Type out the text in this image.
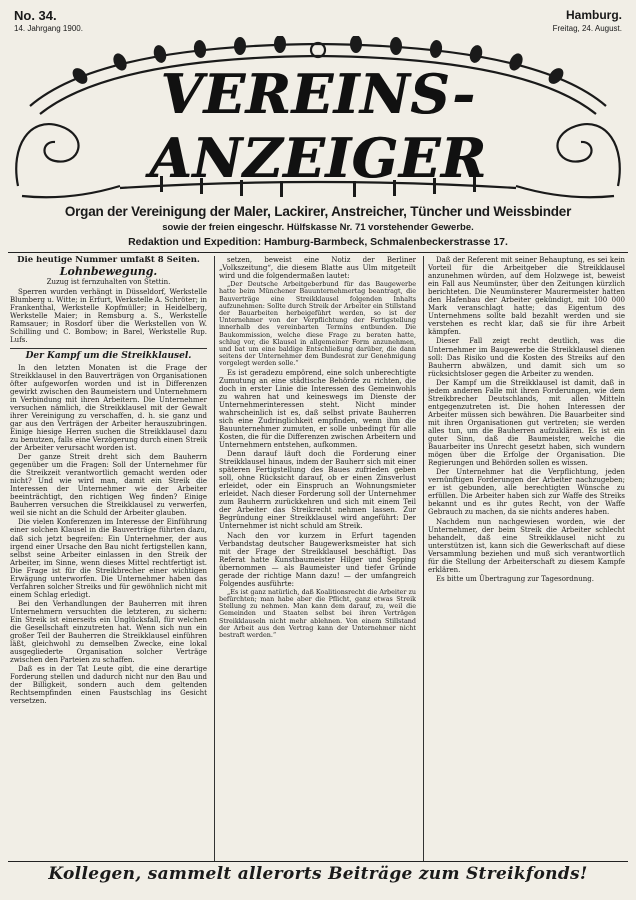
No. 34.
14. Jahrgang 1900.
Hamburg.
Freitag, 24. August.
VEREINS-ANZEIGER
Organ der Vereinigung der Maler, Lackirer, Anstreicher, Tüncher und Weissbinder
sowie der freien eingeschr. Hülfskasse Nr. 71 vorstehender Gewerbe.
Redaktion und Expedition: Hamburg-Barmbeck, Schmalenbeckerstrasse 17.
Die heutige Nummer umfaßt 8 Seiten.
Lohnbewegung.
Zuzug ist fernzuhalten von Stettin.

Sperren wurden verhängt in Düsseldorf, Werkstelle Blumberg u. Witte; in Erfurt, Werkstelle A. Schröter; in Frankenthal, Werkstelle Kopfmüller; in Heidelberg, Werkstelle Maier; in Remsburg a. S., Werkstelle Ramsauer; in Rosdorf über die Werkstellen von W. Schilling und C. Bombow; in Barel, Werkstelle Rup. Lufs.

Der Kampf um die Streikklausel.

In den letzten Monaten ist die Frage der Streikklausel in den Bauverträgen von Organisationen öfter aufgeworfen worden und ist in Differenzen gewirkt zwischen den Baumeistern und Unternehmern in Verbindung mit ihren Arbeitern. Die Unternehmer versuchen nämlich, die Streikklausel mit der Gewalt ihrer Vereinigung zu verschaffen, d. h. sie ganz und gar aus den Verträgen der Arbeiter herauszubringen. Einige hiesige Herren suchen die Streikklausel dazu zu benutzen, falls eine Verzögerung durch einen Streik der Arbeiter verursacht worden ist.

Der ganze Streit dreht sich dem Bauherrn gegenüber um die Fragen: Soll der Unternehmer für die Streikzeit verantwortlich gemacht werden oder nicht? Und wie wird man, damit ein Streik die Interessen der Unternehmer wie der Arbeiter beeinträchtigt, den richtigen Weg finden? Einige Bauherren versuchen die Streikklausel zu verwerfen, weil sie nicht an die Schuld der Arbeiter glauben.

Die vielen Konferenzen im Interesse der Einführung einer solchen Klausel in die Bauverträge führten dazu, daß sich jetzt begreifen: Ein Unternehmer, der aus irgend einer Ursache den Bau nicht fertigstellen kann, selbst seine Arbeiter einlassen in den Streik der Arbeiter, im Sinne, wenn dieses Mittel rechtfertigt ist. Die Frage ist für die Streikbrecher einer wichtigen Erwägung unterworfen. Die Unternehmer haben das Verfahren solcher Streiks und für gewöhnlich nicht mit einem Schlag erledigt.

Bei den Verhandlungen der Bauherren mit ihren Unternehmern versuchten die letzteren, zu sichern: Ein Streik ist einerseits ein Unglücksfall, für welchen die Gesellschaft einzutreten hat. Wenn sich nun ein großer Teil der Bauherren die Streikklausel einführen läßt, gleichwohl zu demselben Zwecke, eine lokal ausgegliederte Organisation solcher Verträge zwischen den Parteien zu schaffen.

Daß es in der Tat Leute gibt, die eine derartige Forderung stellen und dadurch nicht nur den Bau und der Billigkeit, sondern auch dem geltenden Rechtsempfinden einen Faustschlag ins Gesicht versetzen.

setzen, beweist eine Notiz der Berliner „Volkszeitung“, die diesem Blatte aus Ulm mitgeteilt wird und die folgendermaßen lautet:

„Der Deutsche Arbeitgeberbund für das Baugewerbe hatte beim Münchener Bauunternehmertag beantragt, die Bauverträge eine Streikklausel folgenden Inhalts aufzunehmen: Sollte durch Streik der Arbeiter ein Stillstand der Bauarbeiten herbeigeführt werden, so ist der Unternehmer von der Verpflichtung der Fertigstellung innerhalb des vereinbarten Termins entbunden. Die Baukommission, welche diese Frage zu beraten hatte, schlug vor, die Klausel in allgemeiner Form anzunehmen, und bat um eine baldige Entschließung darüber, die dann seitens der Unternehmer dem Bundesrat zur Genehmigung vorgelegt werden solle.“

Es ist geradezu empörend, eine solch unberechtigte Zumutung an eine städtische Behörde zu richten, die doch in erster Linie die Interessen des Gemeinwohls zu wahren hat und keineswegs im Dienste der Unternehmerinteressen steht. Nicht minder wahrscheinlich ist es, daß selbst private Bauherren sich eine Zudringlichkeit empfinden, wenn ihm die Bauunternehmer zumuten, er solle unbedingt für alle Kosten, die für die Differenzen zwischen Arbeitern und Unternehmern entstehen, aufkommen.

Denn darauf läuft doch die Forderung einer Streikklausel hinaus, indem der Bauherr sich mit einer späteren Fertigstellung des Baues zufrieden geben soll, ohne Rücksicht darauf, ob er einen Zinsverlust erleidet, oder ein Einspruch an Wohnungsmieter erleidet. Nach dieser Forderung soll der Unternehmer zum Bauherrn zurückkehren und sich mit einem Teil der Arbeiter das Streikrecht nehmen lassen. Zur Begründung einer Streikklausel wird angeführt: Der Unternehmer ist nicht schuld am Streik.

Nach den vor kurzem in Erfurt tagenden Verbandstag deutscher Baugewerksmeister hat sich mit der Frage der Streikklausel beschäftigt. Das Referat hatte Kunstbaumeister Hilger und Sepping übernommen — als Baumeister und tiefer Gründe gerade der richtige Mann dazu! — der umfangreich Folgendes ausführte:

„Es ist ganz natürlich, daß Koalitionsrecht die Arbeiter zu befürchten; man habe aber die Pflicht, ganz etwas Streik Stellung zu nehmen. Man kann dem darauf, zu, weil die Gemeinden und Staaten selbst bei ihren Verträgen Streikklauseln nicht mehr ablehnen. Von einem Stillstand der Arbeit aus den Vertrag kann der Unternehmer nicht bestraft werden.“

Daß der Referent mit seiner Behauptung, es sei kein Vorteil für die Arbeitgeber die Streikklausel anzunehmen würden, auf dem Holzwege ist, beweist ein Fall aus Neumünster, über den Zeitungen kürzlich berichteten. Die Neumünsterer Maurermeister hatten den Hafenbau der Arbeiter gekündigt, mit 100 000 Mark veranschlagt hatte; das Eigentum des Unternehmens sollte bald bezahlt werden und sie verstehen es recht klar, daß sie für ihre Arbeit kämpfen.

Dieser Fall zeigt recht deutlich, was die Unternehmer im Baugewerbe die Streikklausel dienen soll: Das Risiko und die Kosten des Streiks auf den Bauherrn abwälzen, und damit sich um so rücksichtsloser gegen die Arbeiter zu wenden.

Der Kampf um die Streikklausel ist damit, daß in jedem anderen Falle mit ihren Forderungen, wie dem Streikbrecher Deutschlands, mit allen Mitteln entgegenzutreten ist. Die hohen Interessen der Arbeiter müssen sich bewähren. Die Bauarbeiter sind mit ihren Organisationen gut vertreten; sie werden alles tun, um die Bauherren aufzuklären. Es ist ein guter Sinn, daß die Baumeister, welche die Bauarbeiter ins Unrecht gesetzt haben, sich wundern mögen über die Erfolge der Organisation. Die Regierungen und Behörden sollen es wissen.

Der Unternehmer hat die Verpflichtung, jeden vernünftigen Forderungen der Arbeiter nachzugeben; er ist gebunden, alle berechtigten Wünsche zu erfüllen. Die Arbeiter haben sich zur Waffe des Streiks bekannt und es ihr gutes Recht, von der Waffe Gebrauch zu machen, da sie nichts anderes haben.

Nachdem nun nachgewiesen worden, wie der Unternehmer, der beim Streik die Arbeiter schlecht behandelt, daß eine Streikklausel nicht zu unterstützen ist, kann sich die Gewerkschaft auf diese Versammlung beziehen und muß sich verantwortlich für die Stellung der Arbeiterschaft zu diesem Kampfe erklären.

Es bitte um Übertragung zur Tagesordnung.

Kollegen, sammelt allerorts Beiträge zum Streikfonds!
